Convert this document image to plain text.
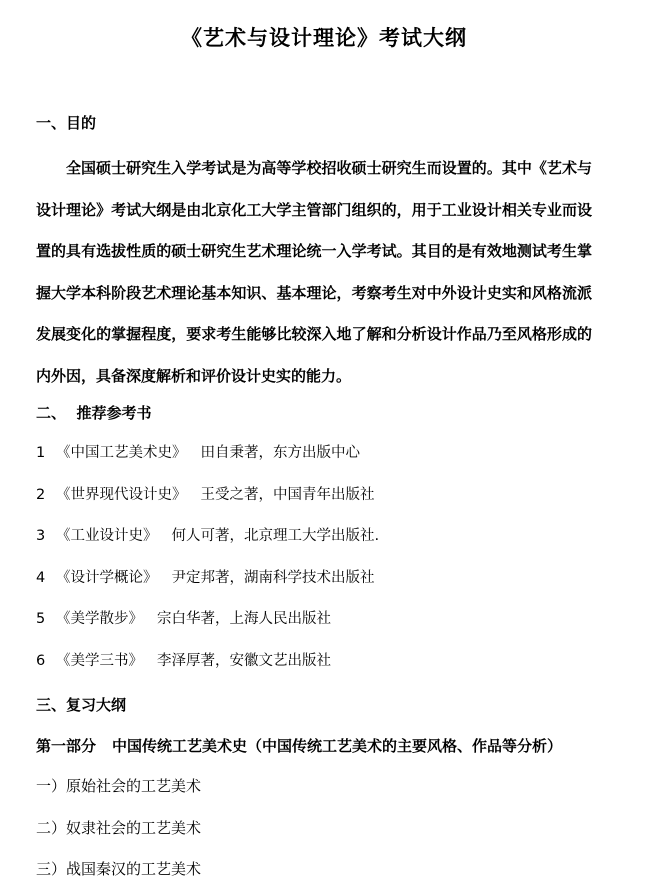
《艺术与设计理论》考试大纲
一、目的

全国硕士研究生入学考试是为高等学校招收硕士研究生而设置的。其中《艺术与设计理论》考试大纲是由北京化工大学主管部门组织的，用于工业设计相关专业而设置的具有选拔性质的硕士研究生艺术理论统一入学考试。其目的是有效地测试考生掌握大学本科阶段艺术理论基本知识、基本理论，考察考生对中外设计史实和风格流派发展变化的掌握程度，要求考生能够比较深入地了解和分析设计作品乃至风格形成的内外因，具备深度解析和评价设计史实的能力。

二、  推荐参考书
1 《中国工艺美术史》 田自秉著，东方出版中心
2 《世界现代设计史》 王受之著，中国青年出版社
3 《工业设计史》 何人可著，北京理工大学出版社.
4 《设计学概论》 尹定邦著，湖南科学技术出版社
5 《美学散步》 宗白华著，上海人民出版社
6 《美学三书》 李泽厚著，安徽文艺出版社
三、复习大纲
第一部分 中国传统工艺美术史（中国传统工艺美术的主要风格、作品等分析）
一）原始社会的工艺美术
二）奴隶社会的工艺美术
三）战国秦汉的工艺美术
